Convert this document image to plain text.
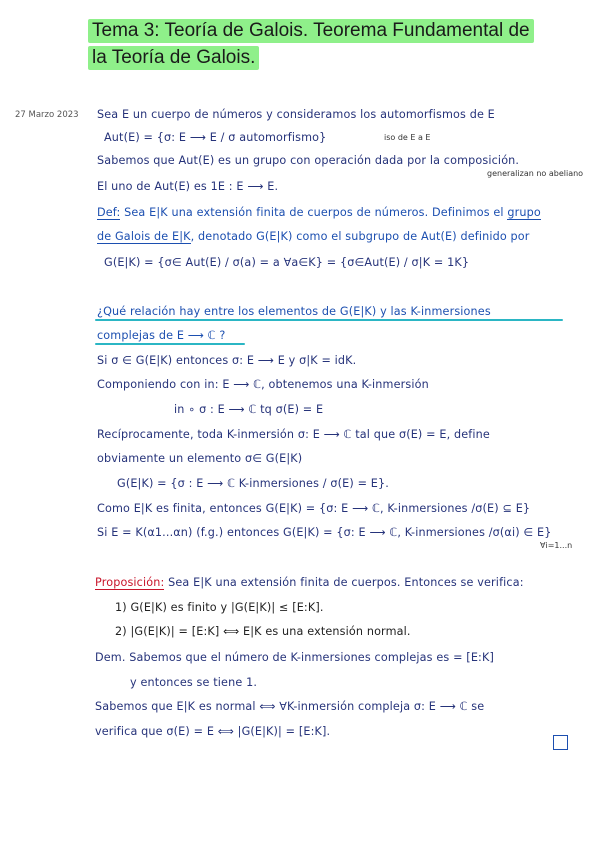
Tema 3: Teoría de Galois. Teorema Fundamental de
la Teoría de Galois.
27 Marzo 2023 Sea E un cuerpo de números y consideramos los automorfismos de E
Aut(E) = {σ: E ⟶ E / σ automorfismo}	iso de E a E
Sabemos que Aut(E) es un grupo con operación dada por la composición.
generalizan no abeliano
El uno de Aut(E) es 1E : E ⟶ E.
Def: Sea E|K una extensión finita de cuerpos de números. Definimos el grupo
de Galois de E|K, denotado G(E|K) como el subgrupo de Aut(E) definido por
G(E|K) = {σ∈ Aut(E) / σ(a) = a ∀a∈K} = {σ∈Aut(E) / σ|K = 1K}
¿Qué relación hay entre los elementos de G(E|K) y las K-inmersiones
complejas de E ⟶ ℂ ?
Si σ ∈ G(E|K) entonces σ: E ⟶ E y σ|K = idK.
Componiendo con in: E ⟶ ℂ, obtenemos una K-inmersión
in ∘ σ : E ⟶ ℂ tq σ(E) = E
Recíprocamente, toda K-inmersión σ: E ⟶ ℂ tal que σ(E) = E, define
obviamente un elemento σ∈ G(E|K)
G(E|K) = {σ : E ⟶ ℂ K-inmersiones / σ(E) = E}.
Como E|K es finita, entonces G(E|K) = {σ: E ⟶ ℂ, K-inmersiones /σ(E) ⊆ E}
Si E = K(α1...αn) (f.g.) entonces G(E|K) = {σ: E ⟶ ℂ, K-inmersiones /σ(αi) ∈ E}
∀i=1...n
Proposición: Sea E|K una extensión finita de cuerpos. Entonces se verifica:
1) G(E|K) es finito y |G(E|K)| ≤ [E:K].
2) |G(E|K)| = [E:K] ⟺ E|K es una extensión normal.
Dem. Sabemos que el número de K-inmersiones complejas es = [E:K]
y entonces se tiene 1.
Sabemos que E|K es normal ⟺ ∀K-inmersión compleja σ: E ⟶ ℂ se
verifica que σ(E) = E ⟺ |G(E|K)| = [E:K].
